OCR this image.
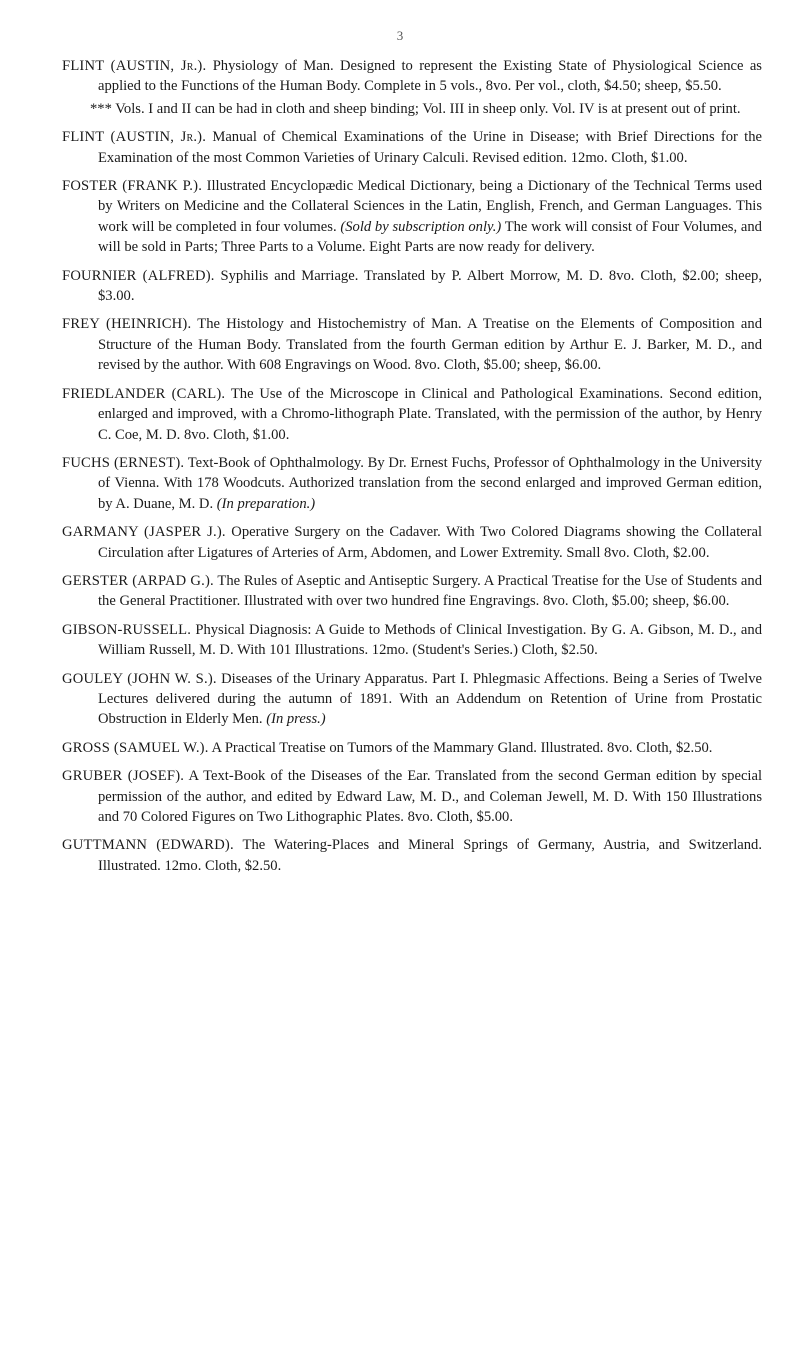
3

FLINT (AUSTIN, Jr.). Physiology of Man. Designed to represent the Existing State of Physiological Science as applied to the Functions of the Human Body. Complete in 5 vols., 8vo. Per vol., cloth, $4.50; sheep, $5.50.

*** Vols. I and II can be had in cloth and sheep binding; Vol. III in sheep only. Vol. IV is at present out of print.

FLINT (AUSTIN, Jr.). Manual of Chemical Examinations of the Urine in Disease; with Brief Directions for the Examination of the most Common Varieties of Urinary Calculi. Revised edition. 12mo. Cloth, $1.00.

FOSTER (FRANK P.). Illustrated Encyclopædic Medical Dictionary, being a Dictionary of the Technical Terms used by Writers on Medicine and the Collateral Sciences in the Latin, English, French, and German Languages. This work will be completed in four volumes. (Sold by subscription only.) The work will consist of Four Volumes, and will be sold in Parts; Three Parts to a Volume. Eight Parts are now ready for delivery.

FOURNIER (ALFRED). Syphilis and Marriage. Translated by P. Albert Morrow, M. D. 8vo. Cloth, $2.00; sheep, $3.00.

FREY (HEINRICH). The Histology and Histochemistry of Man. A Treatise on the Elements of Composition and Structure of the Human Body. Translated from the fourth German edition by Arthur E. J. Barker, M. D., and revised by the author. With 608 Engravings on Wood. 8vo. Cloth, $5.00; sheep, $6.00.

FRIEDLANDER (CARL). The Use of the Microscope in Clinical and Pathological Examinations. Second edition, enlarged and improved, with a Chromo-lithograph Plate. Translated, with the permission of the author, by Henry C. Coe, M. D. 8vo. Cloth, $1.00.

FUCHS (ERNEST). Text-Book of Ophthalmology. By Dr. Ernest Fuchs, Professor of Ophthalmology in the University of Vienna. With 178 Woodcuts. Authorized translation from the second enlarged and improved German edition, by A. Duane, M. D. (In preparation.)

GARMANY (JASPER J.). Operative Surgery on the Cadaver. With Two Colored Diagrams showing the Collateral Circulation after Ligatures of Arteries of Arm, Abdomen, and Lower Extremity. Small 8vo. Cloth, $2.00.

GERSTER (ARPAD G.). The Rules of Aseptic and Antiseptic Surgery. A Practical Treatise for the Use of Students and the General Practitioner. Illustrated with over two hundred fine Engravings. 8vo. Cloth, $5.00; sheep, $6.00.

GIBSON-RUSSELL. Physical Diagnosis: A Guide to Methods of Clinical Investigation. By G. A. Gibson, M. D., and William Russell, M. D. With 101 Illustrations. 12mo. (Student's Series.) Cloth, $2.50.

GOULEY (JOHN W. S.). Diseases of the Urinary Apparatus. Part I. Phlegmasic Affections. Being a Series of Twelve Lectures delivered during the autumn of 1891. With an Addendum on Retention of Urine from Prostatic Obstruction in Elderly Men. (In press.)

GROSS (SAMUEL W.). A Practical Treatise on Tumors of the Mammary Gland. Illustrated. 8vo. Cloth, $2.50.

GRUBER (JOSEF). A Text-Book of the Diseases of the Ear. Translated from the second German edition by special permission of the author, and edited by Edward Law, M. D., and Coleman Jewell, M. D. With 150 Illustrations and 70 Colored Figures on Two Lithographic Plates. 8vo. Cloth, $5.00.

GUTTMANN (EDWARD). The Watering-Places and Mineral Springs of Germany, Austria, and Switzerland. Illustrated. 12mo. Cloth, $2.50.
